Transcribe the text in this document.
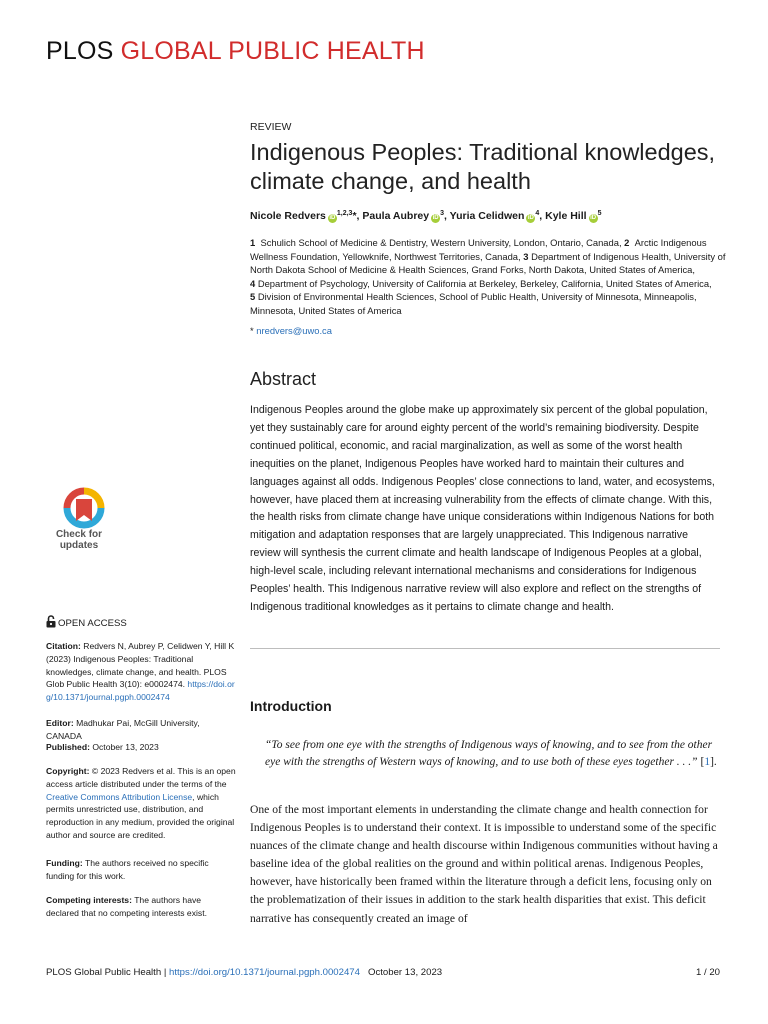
PLOS GLOBAL PUBLIC HEALTH
Check for
updates
REVIEW
Indigenous Peoples: Traditional knowledges, climate change, and health
Nicole Redvers iD$^{1,2,3}$*, Paula Aubrey $iD^3$, Yuria Celidwen $iD^4$, Kyle Hill $iD^5$
1 Schulich School of Medicine & Dentistry, Western University, London, Ontario, Canada, 2 Arctic Indigenous Wellness Foundation, Yellowknife, Northwest Territories, Canada, 3 Department of Indigenous Health, University of North Dakota School of Medicine & Health Sciences, Grand Forks, North Dakota, United States of America, 4 Department of Psychology, University of California at Berkeley, Berkeley, California, United States of America, 5 Division of Environmental Health Sciences, School of Public Health, University of Minnesota, Minneapolis, Minnesota, United States of America
* nredvers@uwo.ca
Abstract

Indigenous Peoples around the globe make up approximately six percent of the global population, yet they sustainably care for around eighty percent of the world’s remaining biodiversity. Despite continued political, economic, and racial marginalization, as well as some of the worst health inequities on the planet, Indigenous Peoples have worked hard to maintain their cultures and languages against all odds. Indigenous Peoples’ close connections to land, water, and ecosystems, however, have placed them at increasing vulnerability from the effects of climate change. With this, the health risks from climate change have unique considerations within Indigenous Nations for both mitigation and adaptation responses that are largely unappreciated. This Indigenous narrative review will synthesis the current climate and health landscape of Indigenous Peoples at a global, high-level scale, including relevant international mechanisms and considerations for Indigenous Peoples’ health. This Indigenous narrative review will also explore and reflect on the strengths of Indigenous traditional knowledges as it pertains to climate change and health.

Introduction

“To see from one eye with the strengths of Indigenous ways of knowing, and to see from the other eye with the strengths of Western ways of knowing, and to use both of these eyes together . . .” [1].

One of the most important elements in understanding the climate change and health connection for Indigenous Peoples is to understand their context. It is impossible to understand some of the specific nuances of the climate change and health discourse within Indigenous communities without having a baseline idea of the global realities on the ground and within political arenas. Indigenous Peoples, however, have historically been framed within the literature through a deficit lens, focusing only on the problematization of their issues in addition to the stark health disparities that exist. This deficit narrative has consequently created an image of

OPEN ACCESS

Citation: Redvers N, Aubrey P, Celidwen Y, Hill K (2023) Indigenous Peoples: Traditional knowledges, climate change, and health. PLOS Glob Public Health 3(10): e0002474. https://doi.org/10.1371/journal.pgph.0002474

Editor: Madhukar Pai, McGill University, CANADA

Published: October 13, 2023

Copyright: © 2023 Redvers et al. This is an open access article distributed under the terms of the Creative Commons Attribution License, which permits unrestricted use, distribution, and reproduction in any medium, provided the original author and source are credited.

Funding: The authors received no specific funding for this work.

Competing interests: The authors have declared that no competing interests exist.

PLOS Global Public Health | https://doi.org/10.1371/journal.pgph.0002474 October 13, 2023	1 / 20
